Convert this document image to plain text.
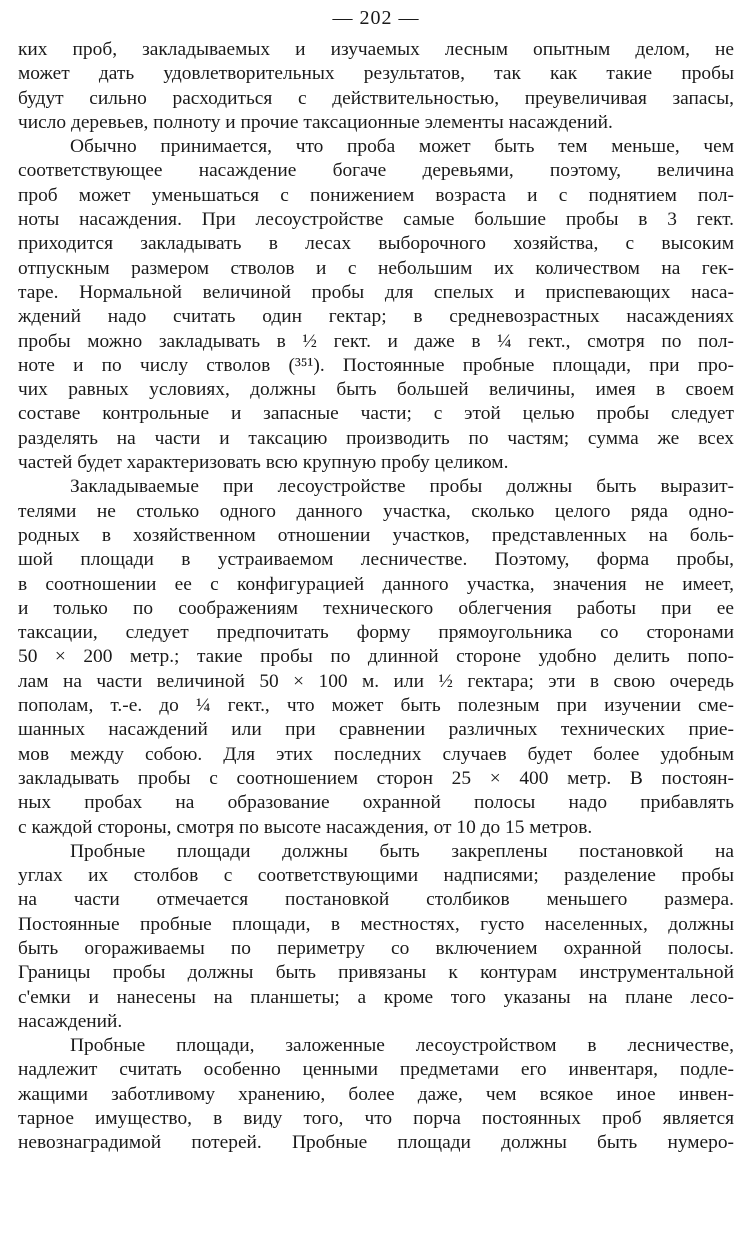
— 202 —
ких проб, закладываемых и изучаемых лесным опытным делом, не
может дать удовлетворительных результатов, так как такие пробы
будут сильно расходиться с действительностью, преувеличивая запасы,
число деревьев, полноту и прочие таксационные элементы насаждений.
Обычно принимается, что проба может быть тем меньше, чем
соответствующее насаждение богаче деревьями, поэтому, величина
проб может уменьшаться с понижением возраста и с поднятием пол-
ноты насаждения. При лесоустройстве самые большие пробы в 3 гект.
приходится закладывать в лесах выборочного хозяйства, с высоким
отпускным размером стволов и с небольшим их количеством на гек-
таре. Нормальной величиной пробы для спелых и приспевающих наса-
ждений надо считать один гектар; в средневозрастных насаждениях
пробы можно закладывать в ½ гект. и даже в ¼ гект., смотря по пол-
ноте и по числу стволов (³⁵¹). Постоянные пробные площади, при про-
чих равных условиях, должны быть большей величины, имея в своем
составе контрольные и запасные части; с этой целью пробы следует
разделять на части и таксацию производить по частям; сумма же всех
частей будет характеризовать всю крупную пробу целиком.
Закладываемые при лесоустройстве пробы должны быть выразит-
телями не столько одного данного участка, сколько целого ряда одно-
родных в хозяйственном отношении участков, представленных на боль-
шой площади в устраиваемом лесничестве. Поэтому, форма пробы,
в соотношении ее с конфигурацией данного участка, значения не имеет,
и только по соображениям технического облегчения работы при ее
таксации, следует предпочитать форму прямоугольника со сторонами
50 × 200 метр.; такие пробы по длинной стороне удобно делить попо-
лам на части величиной 50 × 100 м. или ½ гектара; эти в свою очередь
пополам, т.-е. до ¼ гект., что может быть полезным при изучении сме-
шанных насаждений или при сравнении различных технических прие-
мов между собою. Для этих последних случаев будет более удобным
закладывать пробы с соотношением сторон 25 × 400 метр. В постоян-
ных пробах на образование охранной полосы надо прибавлять
с каждой стороны, смотря по высоте насаждения, от 10 до 15 метров.
Пробные площади должны быть закреплены постановкой на
углах их столбов с соответствующими надписями; разделение пробы
на части отмечается постановкой столбиков меньшего размера.
Постоянные пробные площади, в местностях, густо населенных, должны
быть огораживаемы по периметру со включением охранной полосы.
Границы пробы должны быть привязаны к контурам инструментальной
с'емки и нанесены на планшеты; а кроме того указаны на плане лесо-
насаждений.
Пробные площади, заложенные лесоустройством в лесничестве,
надлежит считать особенно ценными предметами его инвентаря, подле-
жащими заботливому хранению, более даже, чем всякое иное инвен-
тарное имущество, в виду того, что порча постоянных проб является
невознаградимой потерей. Пробные площади должны быть нумеро-
